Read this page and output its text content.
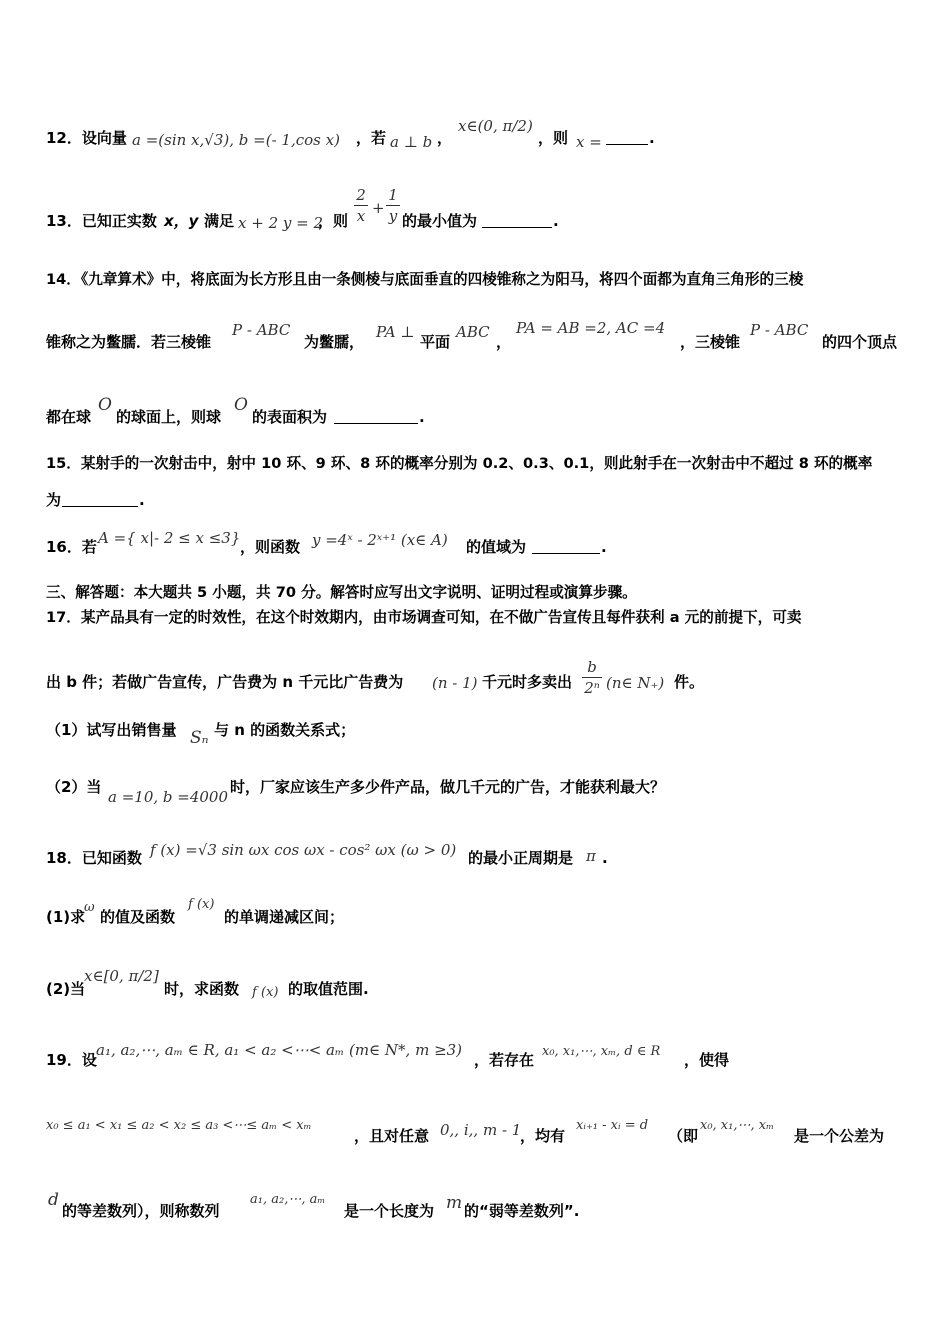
12．设向量 a =(sin x,√3), b =(- 1,cos x) ，若 a ⊥ b ，
x∈(0, π/2)
，则 x =	.
13．已知正实数 x，y 满足 x + 2 y = 2
，则
2
x +
1
y 的最小值为	.
14．《九章算术》中，将底面为长方形且由一条侧棱与底面垂直的四棱锥称之为阳马，将四个面都为直角三角形的三棱
锥称之为鳖臑．若三棱锥
P - ABC
为鳖臑，
PA ⊥
平面
ABC
，
PA = AB =2, AC =4
，三棱锥
P - ABC
的四个顶点
都在球
O
的球面上，则球
O
的表面积为	.
15．某射手的一次射击中，射中 10 环、9 环、8 环的概率分别为 0.2、0.3、0.1，则此射手在一次射击中不超过 8 环的概率
为	.
16．若 A ={ x|- 2 ≤ x ≤3} ，则函数 y =4ˣ - 2ˣ⁺¹ (x∈ A) 的值域为	.
三、解答题：本大题共 5 小题，共 70 分。解答时应写出文字说明、证明过程或演算步骤。
17．某产品具有一定的时效性，在这个时效期内，由市场调查可知，在不做广告宣传且每件获利 a 元的前提下，可卖
出 b 件；若做广告宣传，广告费为 n 千元比广告费为 (n - 1) 千元时多卖出
b
2ⁿ (n∈ N₊) 件。
（1）试写出销售量 Sₙ 与 n 的函数关系式；
（2）当
a =10, b =4000
时，厂家应该生产多少件产品，做几千元的广告，才能获利最大？
18．已知函数 f (x) =√3 sin ωx cos ωx - cos² ωx (ω > 0) 的最小正周期是 π .
(1)求
ω
的值及函数
f (x)
的单调递减区间；
(2)当
x∈[0, π/2]
时，求函数 f (x) 的取值范围.
19．设
a₁, a₂,⋯, aₘ ∈ R, a₁ < a₂ <⋯< aₘ (m∈ N*, m ≥3)
，若存在 x₀, x₁,⋯, xₘ, d ∈ R ，使得
x₀ ≤ a₁ < x₁ ≤ a₂ < x₂ ≤ a₃ <⋯≤ aₘ < xₘ
，且对任意 0,, i,, m - 1
，均有
xᵢ₊₁ - xᵢ = d
（即
x₀, x₁,⋯, xₘ
是一个公差为
d
的等差数列），则称数列
a₁, a₂,⋯, aₘ
是一个长度为 m 的“弱等差数列”.
